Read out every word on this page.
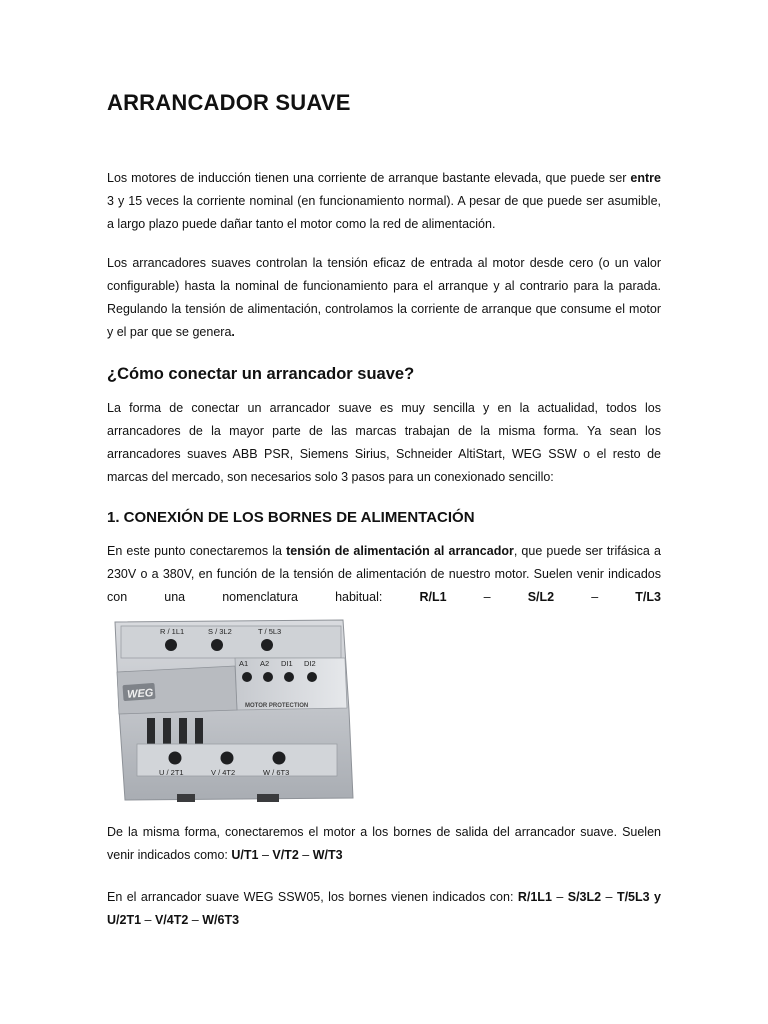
ARRANCADOR SUAVE

Los motores de inducción tienen una corriente de arranque bastante elevada, que puede ser entre 3 y 15 veces la corriente nominal (en funcionamiento normal). A pesar de que puede ser asumible, a largo plazo puede dañar tanto el motor como la red de alimentación.

Los arrancadores suaves controlan la tensión eficaz de entrada al motor desde cero (o un valor configurable) hasta la nominal de funcionamiento para el arranque y al contrario para la parada. Regulando la tensión de alimentación, controlamos la corriente de arranque que consume el motor y el par que se genera.

¿Cómo conectar un arrancador suave?

La forma de conectar un arrancador suave es muy sencilla y en la actualidad, todos los arrancadores de la mayor parte de las marcas trabajan de la misma forma. Ya sean los arrancadores suaves ABB PSR, Siemens Sirius, Schneider AltiStart, WEG SSW o el resto de marcas del mercado, son necesarios solo 3 pasos para un conexionado sencillo:

1. CONEXIÓN DE LOS BORNES DE ALIMENTACIÓN

En este punto conectaremos la tensión de alimentación al arrancador, que puede ser trifásica a 230V o a 380V, en función de la tensión de alimentación de nuestro motor. Suelen venir indicados con una nomenclatura habitual: R/L1 – S/L2 – T/L3

WEG
R / 1L1	S / 3L2	T / 5L3
A1 A2 DI1 DI2
MOTOR PROTECTION
U / 2T1	V / 4T2	W / 6T3

De la misma forma, conectaremos el motor a los bornes de salida del arrancador suave. Suelen venir indicados como: U/T1 – V/T2 – W/T3

En el arrancador suave WEG SSW05, los bornes vienen indicados con: R/1L1 – S/3L2 – T/5L3 y U/2T1 – V/4T2 – W/6T3
